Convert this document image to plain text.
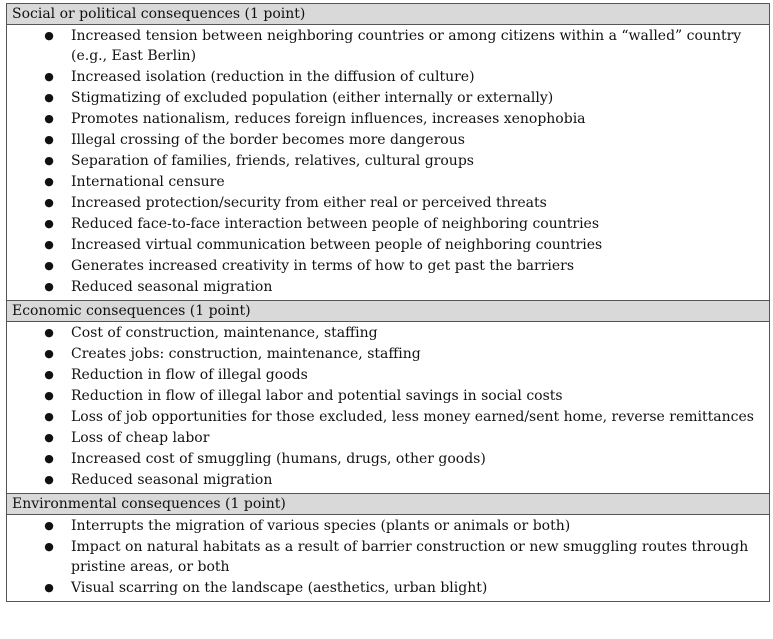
Social or political consequences (1 point)

● Increased tension between neighboring countries or among citizens within a “walled” country (e.g., East Berlin)
● Increased isolation (reduction in the diffusion of culture)
● Stigmatizing of excluded population (either internally or externally)
● Promotes nationalism, reduces foreign influences, increases xenophobia
● Illegal crossing of the border becomes more dangerous
● Separation of families, friends, relatives, cultural groups
● International censure
● Increased protection/security from either real or perceived threats
● Reduced face-to-face interaction between people of neighboring countries
● Increased virtual communication between people of neighboring countries
● Generates increased creativity in terms of how to get past the barriers
● Reduced seasonal migration

Economic consequences (1 point)

● Cost of construction, maintenance, staffing
● Creates jobs: construction, maintenance, staffing
● Reduction in flow of illegal goods
● Reduction in flow of illegal labor and potential savings in social costs
● Loss of job opportunities for those excluded, less money earned/sent home, reverse remittances
● Loss of cheap labor
● Increased cost of smuggling (humans, drugs, other goods)
● Reduced seasonal migration

Environmental consequences (1 point)

● Interrupts the migration of various species (plants or animals or both)
● Impact on natural habitats as a result of barrier construction or new smuggling routes through pristine areas, or both
● Visual scarring on the landscape (aesthetics, urban blight)
